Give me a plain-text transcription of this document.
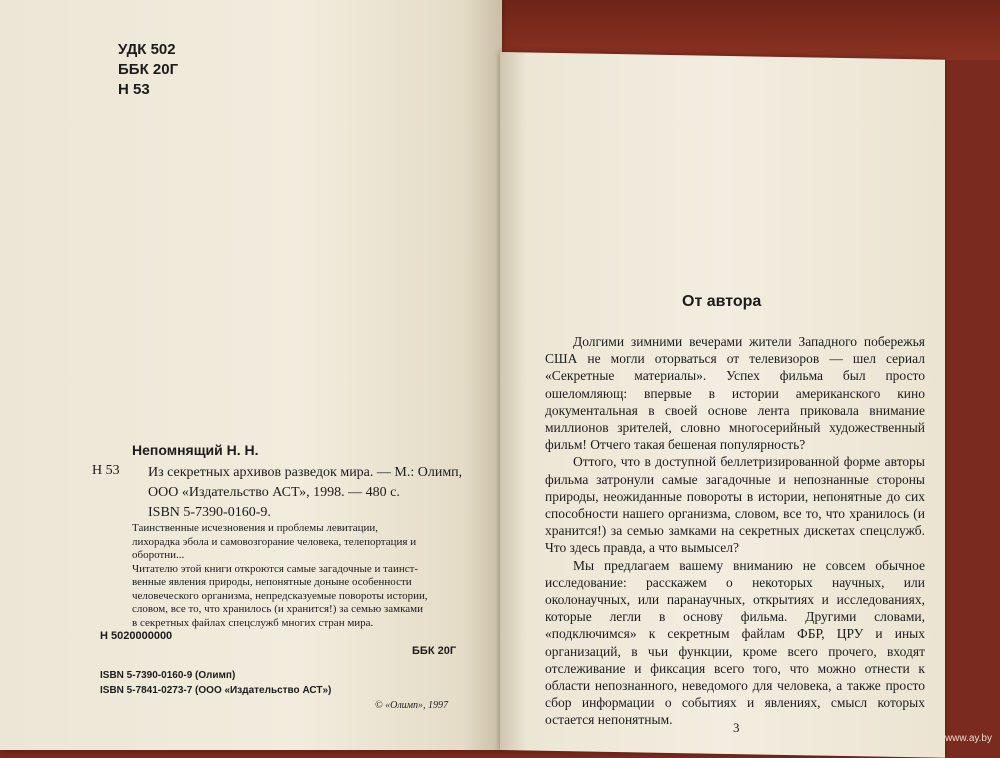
УДК 502
ББК 20Г
Н 53
Непомнящий Н. Н.
Н 53 Из секретных архивов разведок мира. — М.: Олимп,
ООО «Издательство АСТ», 1998. — 480 с.
ISBN 5-7390-0160-9.
Таинственные исчезновения и проблемы левитации,
лихорадка эбола и самовозгорание человека, телепортация и
оборотни...
Читателю этой книги откроются самые загадочные и таинст-
венные явления природы, непонятные доныне особенности
человеческого организма, непредсказуемые повороты истории,
словом, все то, что хранилось (и хранится!) за семью замками
в секретных файлах спецслужб многих стран мира.
Н 5020000000
ББК 20Г
ISBN 5-7390-0160-9 (Олимп)
ISBN 5-7841-0273-7 (ООО «Издательство АСТ»)
© «Олимп», 1997
От автора

Долгими зимними вечерами жители Западного побережья США не могли оторваться от телевизоров — шел сериал «Секретные материалы». Успех фильма был просто ошеломляющ: впервые в истории американского кино документальная в своей основе лента приковала внимание миллионов зрителей, словно многосерийный художественный фильм! Отчего такая бешеная популярность?

Оттого, что в доступной беллетризированной форме авторы фильма затронули самые загадочные и непознанные стороны природы, неожиданные повороты в истории, непонятные до сих способности нашего организма, словом, все то, что хранилось (и хранится!) за семью замками на секретных дискетах спецслужб. Что здесь правда, а что вымысел?

Мы предлагаем вашему вниманию не совсем обычное исследование: расскажем о некоторых научных, или околонаучных, или паранаучных, открытиях и исследованиях, которые легли в основу фильма. Другими словами, «подключимся» к секретным файлам ФБР, ЦРУ и иных организаций, в чьи функции, кроме всего прочего, входят отслеживание и фиксация всего того, что можно отнести к области непознанного, неведомого для человека, а также просто сбор информации о событиях и явлениях, смысл которых остается непонятным.

3
www.ay.by
